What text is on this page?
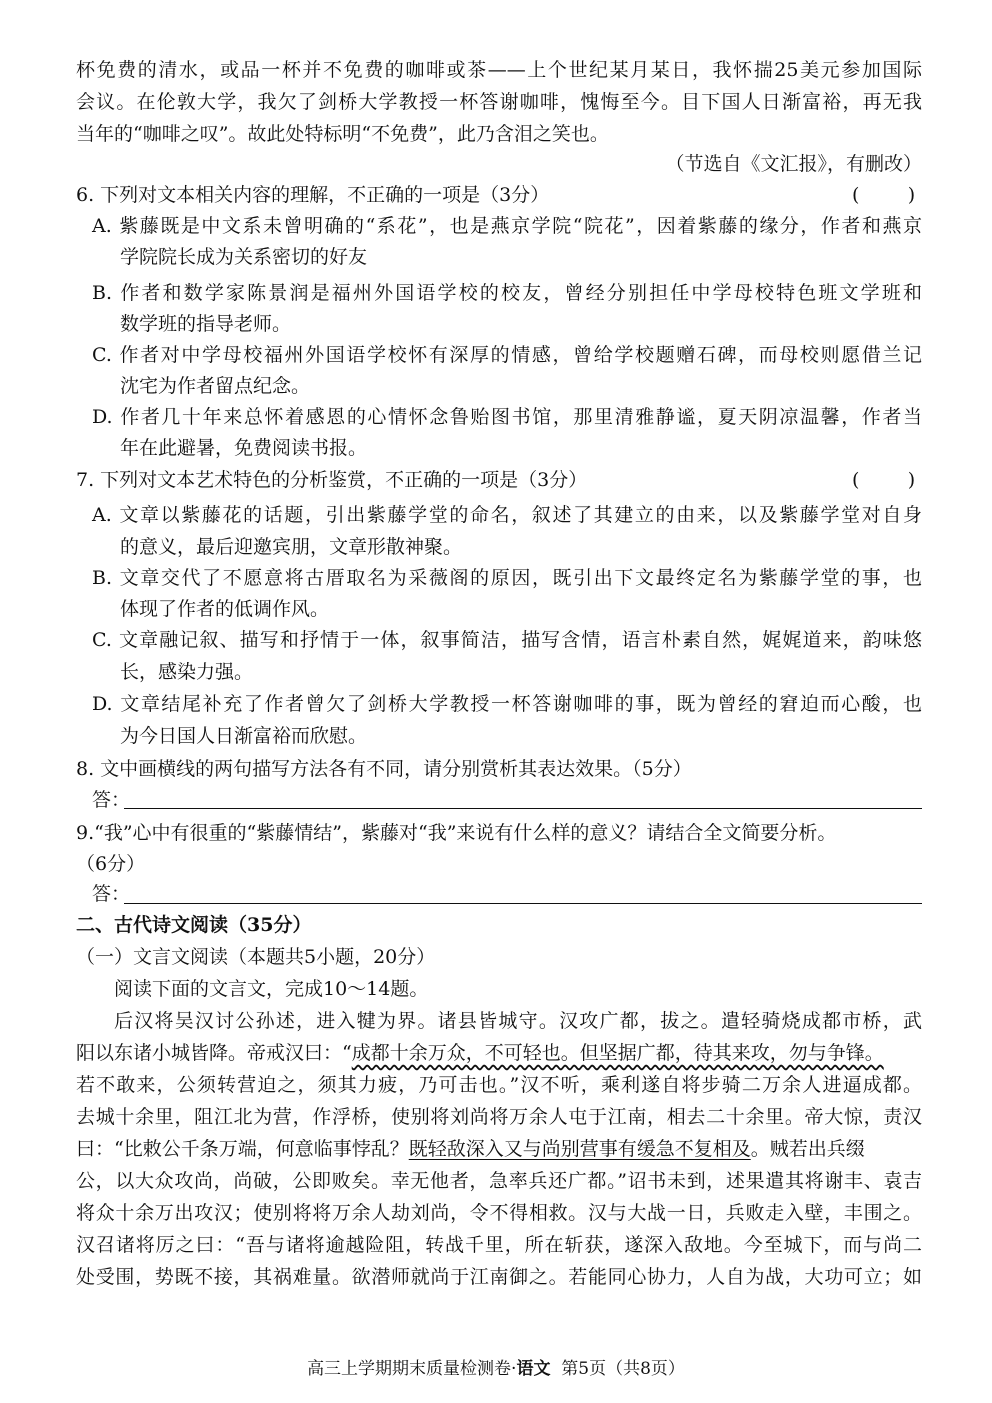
杯免费的清水，或品一杯并不免费的咖啡或茶——上个世纪某月某日，我怀揣25美元参加国际
会议。在伦敦大学，我欠了剑桥大学教授一杯答谢咖啡，愧悔至今。目下国人日渐富裕，再无我
当年的“咖啡之叹”。故此处特标明“不免费”，此乃含泪之笑也。
（节选自《文汇报》，有删改）
6. 下列对文本相关内容的理解，不正确的一项是（3分）	(        )
A. 紫藤既是中文系未曾明确的“系花”，也是燕京学院“院花”，因着紫藤的缘分，作者和燕京
学院院长成为关系密切的好友
B. 作者和数学家陈景润是福州外国语学校的校友，曾经分别担任中学母校特色班文学班和
数学班的指导老师。
C. 作者对中学母校福州外国语学校怀有深厚的情感，曾给学校题赠石碑，而母校则愿借兰记
沈宅为作者留点纪念。
D. 作者几十年来总怀着感恩的心情怀念鲁贻图书馆，那里清雅静谧，夏天阴凉温馨，作者当
年在此避暑，免费阅读书报。
7. 下列对文本艺术特色的分析鉴赏，不正确的一项是（3分）	(        )
A. 文章以紫藤花的话题，引出紫藤学堂的命名，叙述了其建立的由来，以及紫藤学堂对自身
的意义，最后迎邀宾朋，文章形散神聚。
B. 文章交代了不愿意将古厝取名为采薇阁的原因，既引出下文最终定名为紫藤学堂的事，也
体现了作者的低调作风。
C. 文章融记叙、描写和抒情于一体，叙事简洁，描写含情，语言朴素自然，娓娓道来，韵味悠
长，感染力强。
D. 文章结尾补充了作者曾欠了剑桥大学教授一杯答谢咖啡的事，既为曾经的窘迫而心酸，也
为今日国人日渐富裕而欣慰。
8. 文中画横线的两句描写方法各有不同，请分别赏析其表达效果。（5分）
答：
9.“我”心中有很重的“紫藤情结”，紫藤对“我”来说有什么样的意义？请结合全文简要分析。
（6分）
答：
二、古代诗文阅读（35分）
（一）文言文阅读（本题共5小题，20分）
阅读下面的文言文，完成10～14题。
后汉将吴汉讨公孙述，进入犍为界。诸县皆城守。汉攻广都，拔之。遣轻骑烧成都市桥，武
阳以东诸小城皆降。帝戒汉曰：“成都十余万众，不可轻也。但坚据广都，待其来攻，勿与争锋。
若不敢来，公须转营迫之，须其力疲，乃可击也。”汉不听，乘利遂自将步骑二万余人进逼成都。
去城十余里，阻江北为营，作浮桥，使别将刘尚将万余人屯于江南，相去二十余里。帝大惊，责汉
曰：“比敕公千条万端，何意临事悖乱？既轻敌深入又与尚别营事有缓急不复相及。贼若出兵缀
公，以大众攻尚，尚破，公即败矣。幸无他者，急率兵还广都。”诏书未到，述果遣其将谢丰、袁吉
将众十余万出攻汉；使别将将万余人劫刘尚，令不得相救。汉与大战一日，兵败走入壁，丰围之。
汉召诸将厉之曰：“吾与诸将逾越险阻，转战千里，所在斩获，遂深入敌地。今至城下，而与尚二
处受围，势既不接，其祸难量。欲潜师就尚于江南御之。若能同心协力，人自为战，大功可立；如
高三上学期期末质量检测卷·语文 第5页（共8页）
